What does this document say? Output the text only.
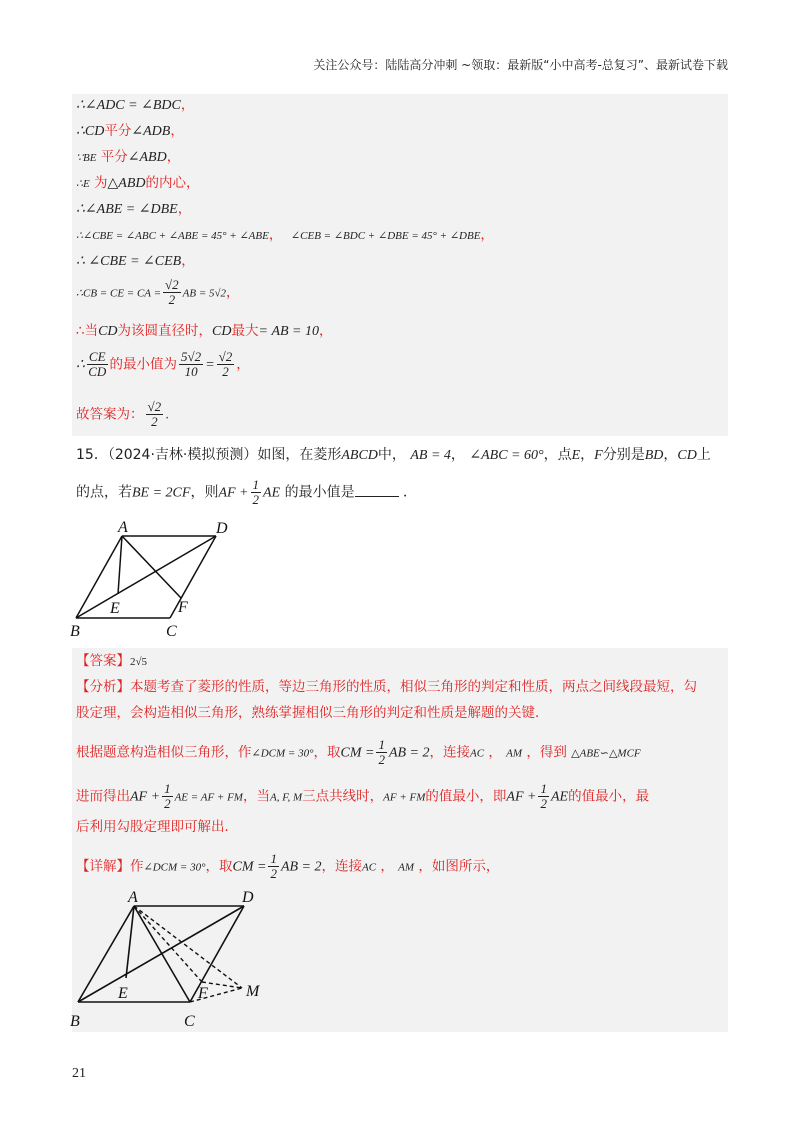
关注公众号：陆陆高分冲刺 ~领取：最新版“小中高考-总复习”、最新试卷下载
∴∠ADC = ∠BDC，
∴CD平分∠ADB，
∵BE 平分∠ABD，
∴E 为△ABD的内心，
∴∠ABE = ∠DBE，
∴∠CBE = ∠ABC + ∠ABE = 45° + ∠ABE， ∠CEB = ∠BDC + ∠DBE = 45° + ∠DBE，
∴ ∠CBE = ∠CEB，
∴CB = CE = CA = $\frac{√2}{2}$ AB = 5√2，
∴当CD为该圆直径时，CD最大= AB = 10，
∴ $\frac{CE}{CD}$ 的最小值为 $\frac{5√2}{10} = \frac{√2}{2}$ ，
故答案为： $\frac{√2}{2}$ ．
15．（2024·吉林·模拟预测）如图，在菱形ABCD中， AB = 4， ∠ABC = 60°，点E，F分别是BD，CD上
的点，若BE = 2CF，则AF + $\frac{1}{2}$ AE 的最小值是	．
A	D
B	C
E	F
【答案】2√5
【分析】本题考查了菱形的性质，等边三角形的性质，相似三角形的判定和性质，两点之间线段最短，勾
股定理，会构造相似三角形，熟练掌握相似三角形的判定和性质是解题的关键．
根据题意构造相似三角形，作∠DCM = 30°，取CM = $\frac{1}{2}$ AB = 2，连接AC ， AM ，得到 △ABE∽△MCF
进而得出AF + $\frac{1}{2}$ AE = AF + FM，当A, F, M三点共线时，AF + FM的值最小，即AF + $\frac{1}{2}$ AE的值最小，最
后利用勾股定理即可解出．
【详解】作∠DCM = 30°，取CM = $\frac{1}{2}$ AB = 2，连接AC ， AM ，如图所示，
A	D
B	C
E	F M
21
